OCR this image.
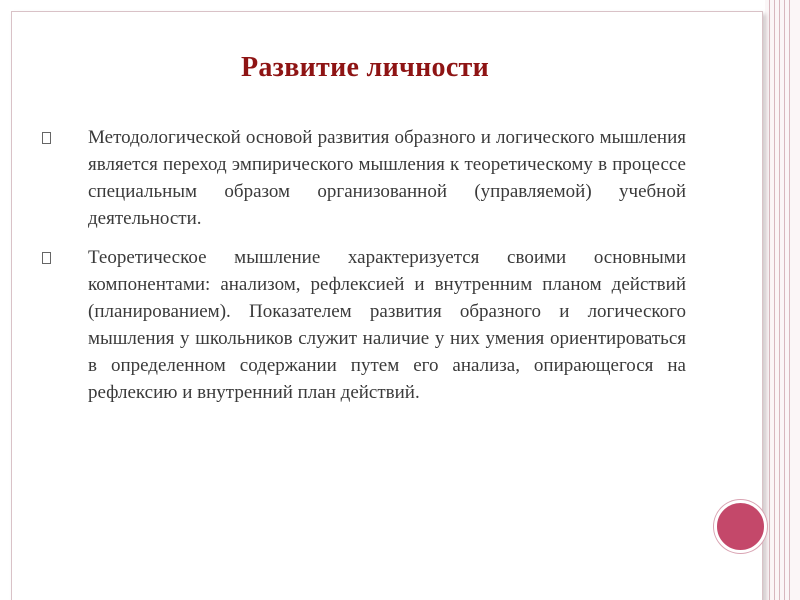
Развитие личности
Методологической основой развития образного и логического мышления является переход эмпирического мышления к теоретическому в процессе специальным образом организованной (управляемой) учебной деятельности.
Теоретическое мышление характеризуется своими основными компонентами: анализом, рефлексией и внутренним планом действий (планированием). Показателем развития образного и логического мышления у школьников служит наличие у них умения ориентироваться в определенном содержании путем его анализа, опирающегося на рефлексию и внутренний план действий.
